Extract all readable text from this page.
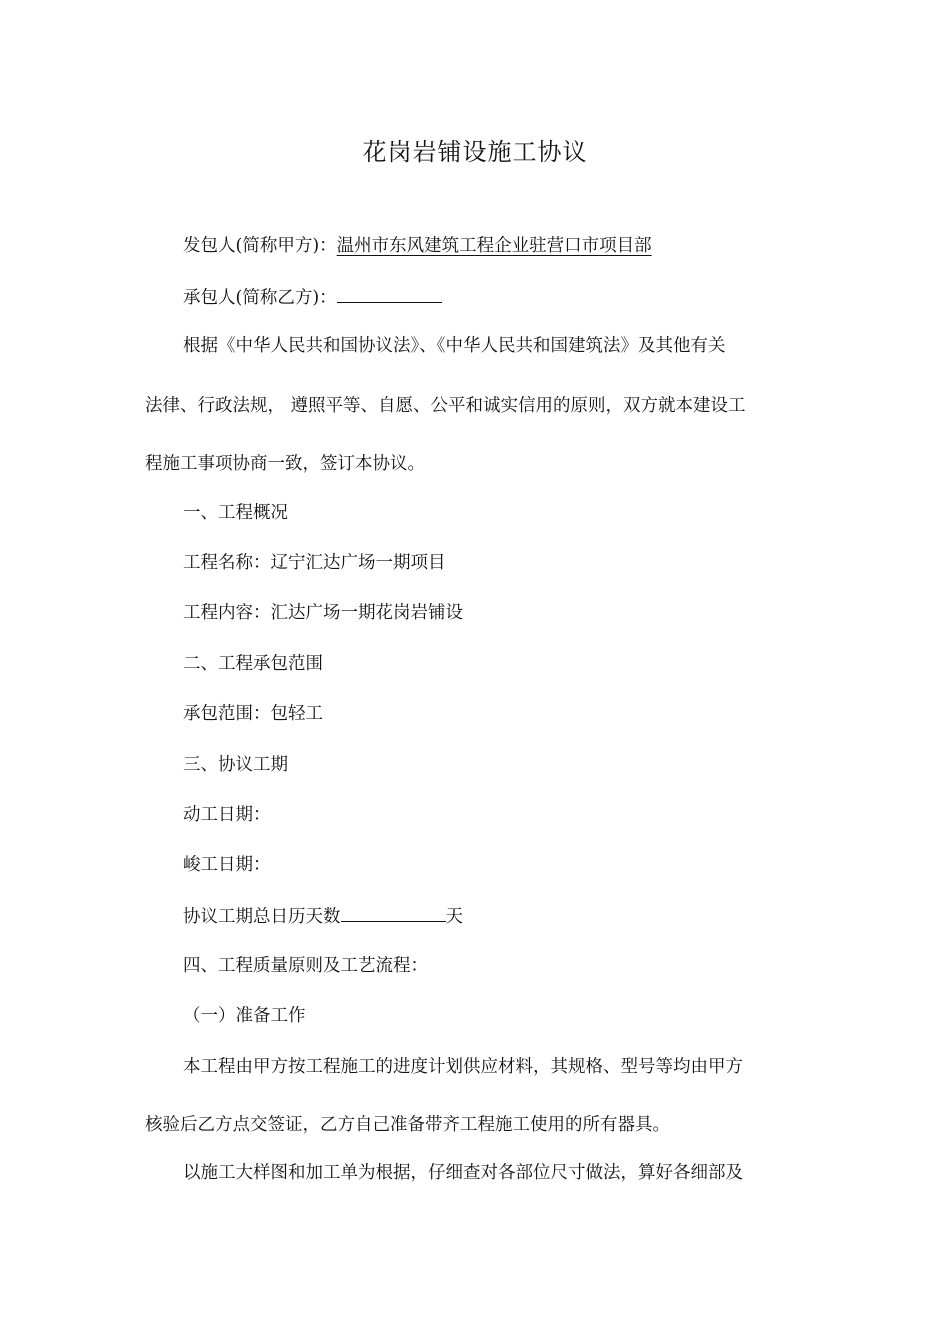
花岗岩铺设施工协议
发包人(简称甲方)：温州市东风建筑工程企业驻营口市项目部
承包人(简称乙方)：
根据《中华人民共和国协议法》、《中华人民共和国建筑法》及其他有关
法律、行政法规， 遵照平等、自愿、公平和诚实信用的原则，双方就本建设工
程施工事项协商一致，签订本协议。
一、工程概况
工程名称：辽宁汇达广场一期项目
工程内容：汇达广场一期花岗岩铺设
二、工程承包范围
承包范围：包轻工
三、协议工期
动工日期：
峻工日期：
协议工期总日历天数	天
四、工程质量原则及工艺流程：
（一）准备工作
本工程由甲方按工程施工的进度计划供应材料，其规格、型号等均由甲方
核验后乙方点交签证，乙方自己准备带齐工程施工使用的所有器具。
以施工大样图和加工单为根据，仔细查对各部位尺寸做法，算好各细部及
